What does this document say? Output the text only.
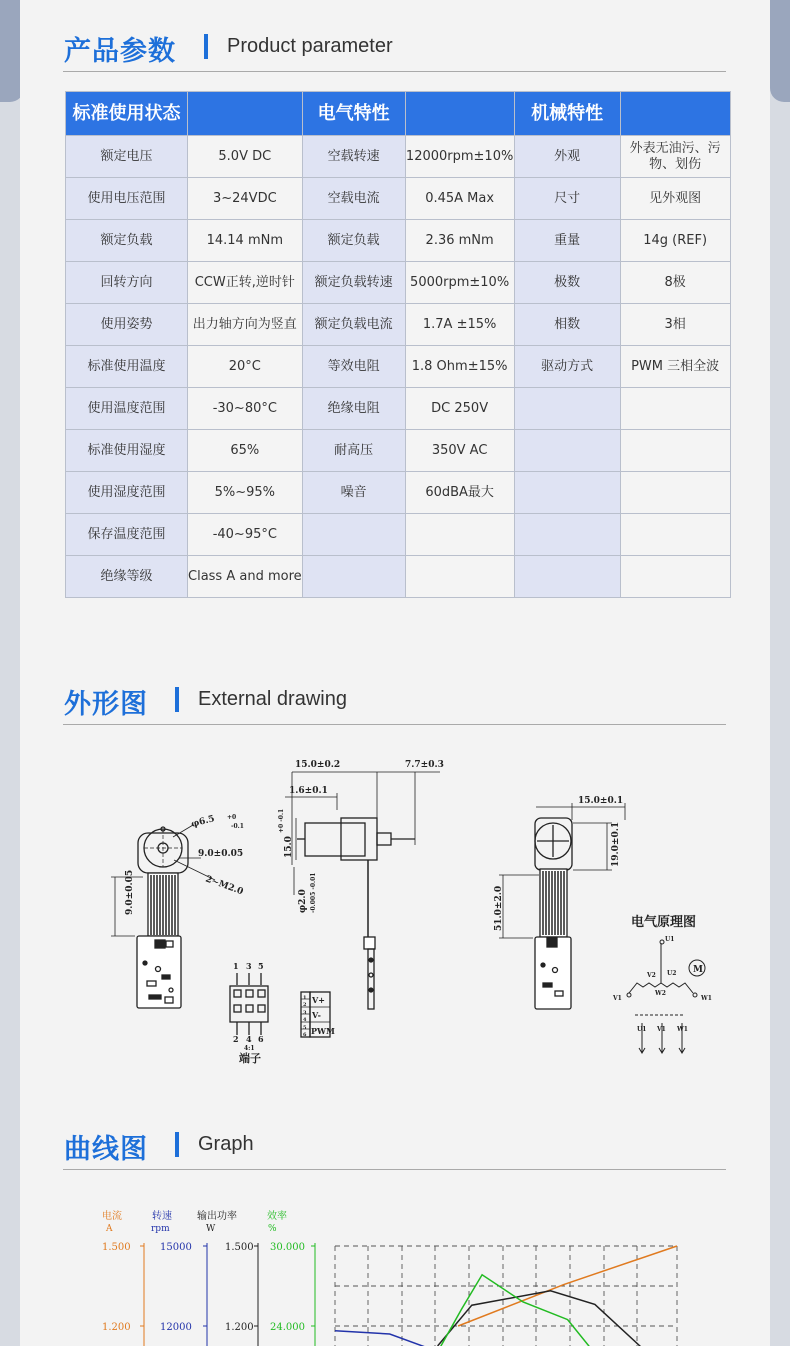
产品参数	Product parameter
标准使用状态		电气特性		机械特性	
额定电压	5.0V DC	空载转速	12000rpm±10%	外观	外表无油污、污物、划伤
使用电压范围	3~24VDC	空载电流	0.45A Max	尺寸	见外观图
额定负载	14.14 mNm	额定负载	2.36 mNm	重量	14g (REF)
回转方向	CCW正转,逆时针	额定负载转速	5000rpm±10%	极数	8极
使用姿势	出力轴方向为竖直	额定负载电流	1.7A ±15%	相数	3相
标准使用温度	20°C	等效电阻	1.8 Ohm±15%	驱动方式	PWM 三相全波
使用温度范围	-30~80°C	绝缘电阻	DC 250V		
标准使用湿度	65%	耐高压	350V AC		
使用湿度范围	5%~95%	噪音	60dBA最大		
保存温度范围	-40~95°C				
绝缘等级	Class A and more				
外形图	External drawing
15.0±0.2	7.7±0.3
1.6±0.1
φ6.5 +0
-0.1
9.0±0.05
2~M2.0
9.0±0.05
15.0
+0 -0.1
φ2.0 -0.005 -0.01
15.0±0.1
19.0±0.1
51.0±2.0
1 3 5
2 4 6
4:1
端子
1
2
3
4
5
6
V+
V-
PWM
电气原理图
M
U1
U2
V1
V2
W1
W2
U1 V1 W1
曲线图	Graph
电流
A
转速
rpm
输出功率
W
效率
%
1.500
1.200
15000
12000
1.500
1.200
30.000
24.000
